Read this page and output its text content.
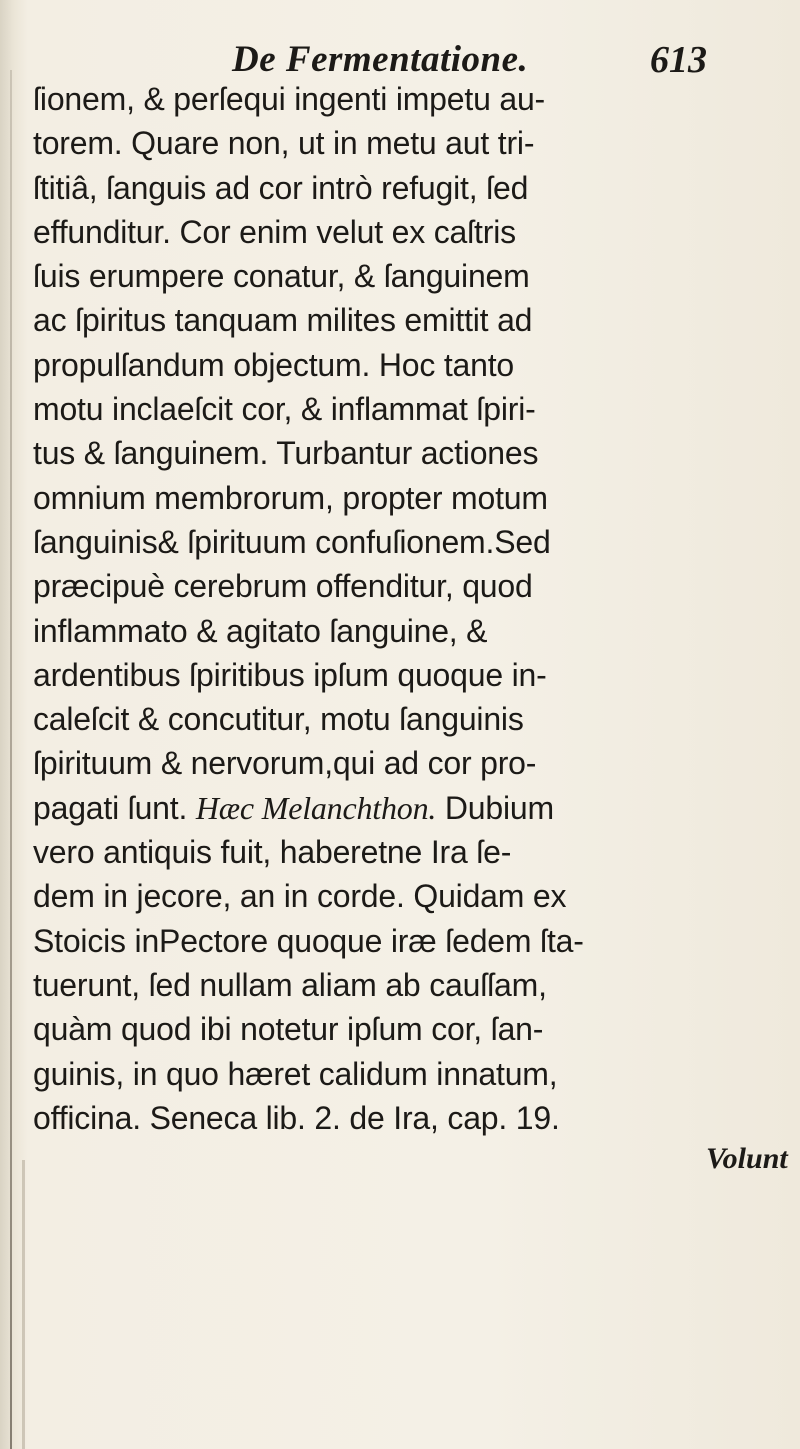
De Fermentatione.	613
ſionem, & perſequi ingenti impetu au-
torem. Quare non, ut in metu aut tri-
ſtitiâ, ſanguis ad cor intrò refugit, ſed
effunditur. Cor enim velut ex caſtris
ſuis erumpere conatur, & ſanguinem
ac ſpiritus tanquam milites emittit ad
propulſandum objectum. Hoc tanto
motu inclaeſcit cor, & inflammat ſpiri-
tus & ſanguinem. Turbantur actiones
omnium membrorum, propter motum
ſanguinis& ſpirituum confuſionem.Sed
præcipuè cerebrum offenditur, quod
inflammato & agitato ſanguine, &
ardentibus ſpiritibus ipſum quoque in-
caleſcit & concutitur, motu ſanguinis
ſpirituum & nervorum,qui ad cor pro-
pagati ſunt. Hæc Melanchthon. Dubium
vero antiquis fuit, haberetne Ira ſe-
dem in jecore, an in corde. Quidam ex
Stoicis inPectore quoque iræ ſedem ſta-
tuerunt, ſed nullam aliam ab cauſſam,
quàm quod ibi notetur ipſum cor, ſan-
guinis, in quo hæret calidum innatum,
officina. Seneca lib. 2. de Ira, cap. 19.
Volunt
